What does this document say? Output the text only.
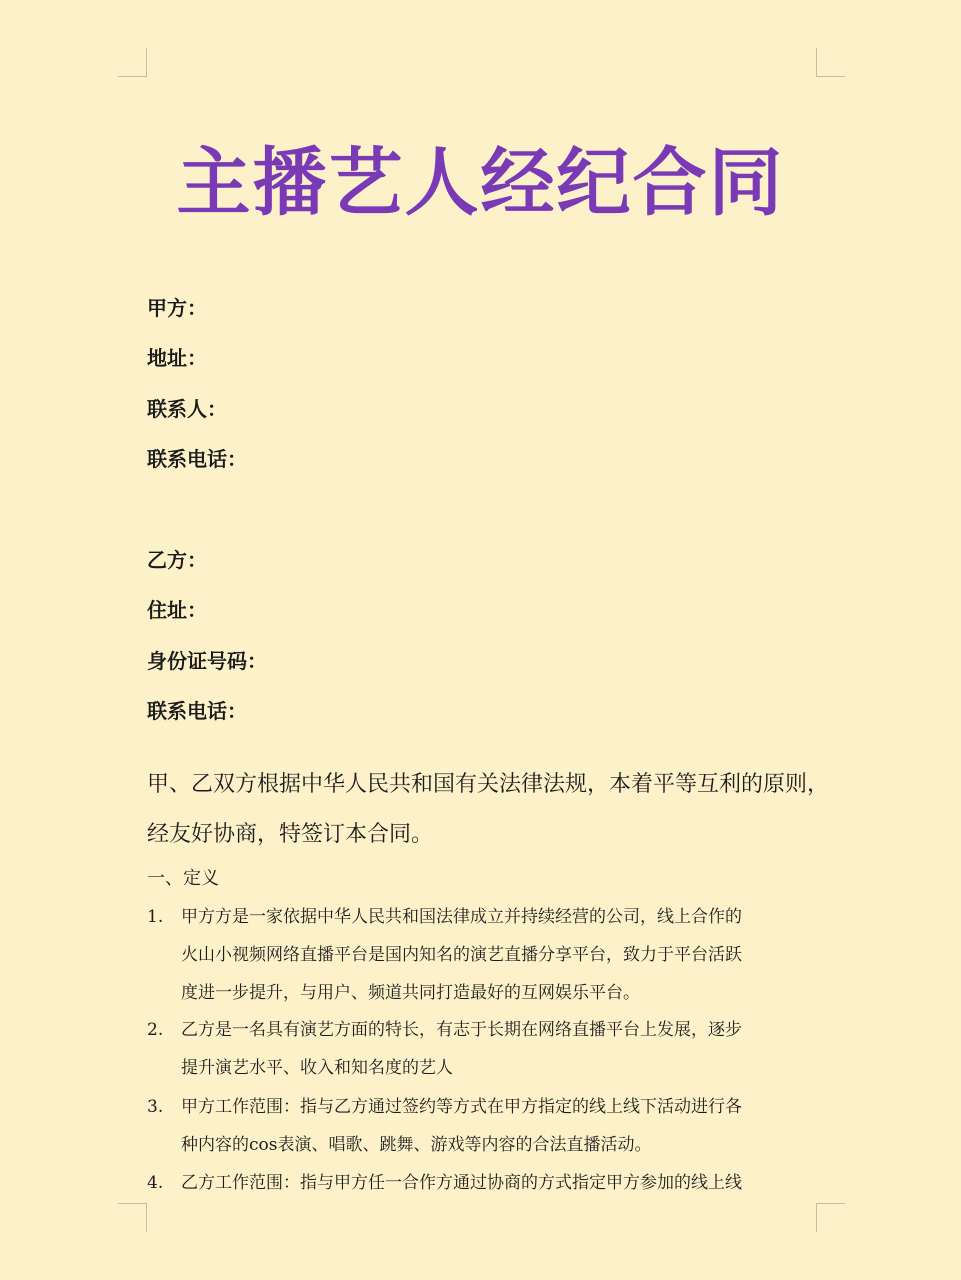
主播艺人经纪合同
甲方：
地址：
联系人：
联系电话：
乙方：
住址：
身份证号码：
联系电话：
甲、乙双方根据中华人民共和国有关法律法规，本着平等互利的原则，
经友好协商，特签订本合同。
一、定义
1. 甲方方是一家依据中华人民共和国法律成立并持续经营的公司，线上合作的
火山小视频网络直播平台是国内知名的演艺直播分享平台，致力于平台活跃
度进一步提升，与用户、频道共同打造最好的互网娱乐平台。
2. 乙方是一名具有演艺方面的特长，有志于长期在网络直播平台上发展，逐步
提升演艺水平、收入和知名度的艺人
3. 甲方工作范围：指与乙方通过签约等方式在甲方指定的线上线下活动进行各
种内容的cos表演、唱歌、跳舞、游戏等内容的合法直播活动。
4. 乙方工作范围：指与甲方任一合作方通过协商的方式指定甲方参加的线上线
